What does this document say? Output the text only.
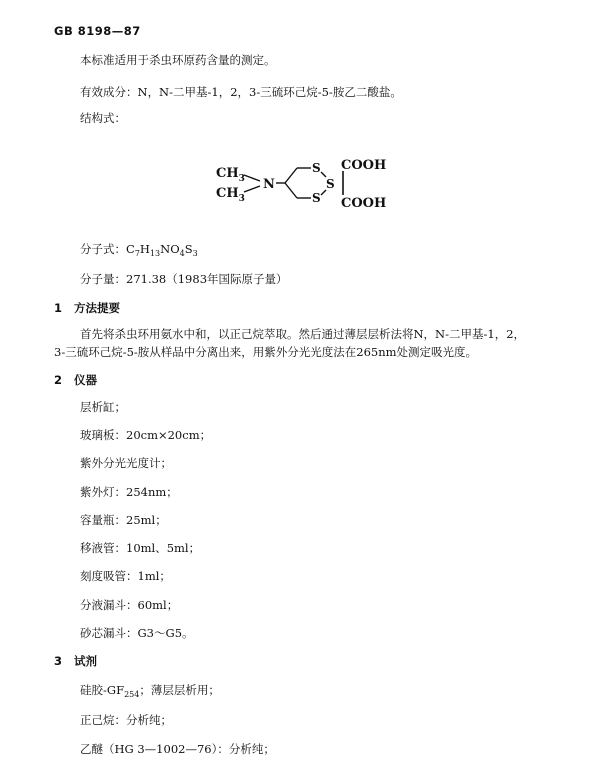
GB 8198—87
本标准适用于杀虫环原药含量的测定。
有效成分：N，N-二甲基-1，2，3-三硫环己烷-5-胺乙二酸盐。
结构式：
$CH_3$
$CH_3$
N
S
S
S
COOH
COOH
分子式：$C_7H_{13}NO_4S_3$
分子量：271.38（1983年国际原子量）
1 方法提要
首先将杀虫环用氨水中和，以正己烷萃取。然后通过薄层层析法将N，N-二甲基-1，2，
3-三硫环己烷-5-胺从样品中分离出来，用紫外分光光度法在265nm处测定吸光度。
2 仪器
层析缸；
玻璃板：20cm×20cm；
紫外分光光度计；
紫外灯：254nm；
容量瓶：25ml；
移液管：10ml、5ml；
刻度吸管：1ml；
分液漏斗：60ml；
砂芯漏斗：G3～G5。
3 试剂
硅胶$-GF_{254}$；薄层层析用；
正己烷：分析纯；
乙醚（HG 3—1002—76）：分析纯；
